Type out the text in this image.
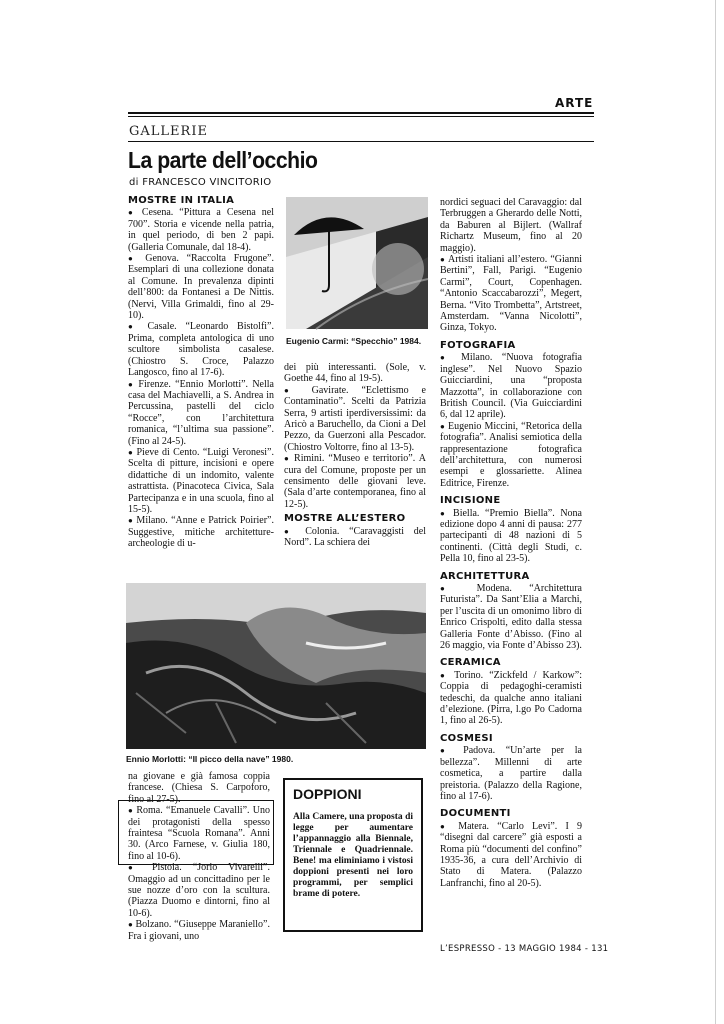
ARTE
GALLERIE
La parte dell’occhio
di FRANCESCO VINCITORIO
MOSTRE IN ITALIA

● Cesena. “Pittura a Cesena nel 700”. Storia e vicende nella patria, in quel periodo, di ben 2 papi. (Galleria Comunale, dal 18-4).

● Genova. “Raccolta Frugone”. Esemplari di una collezione donata al Comune. In prevalenza dipinti dell’800: da Fontanesi a De Nittis. (Nervi, Villa Grimaldi, fino al 29-10).

● Casale. “Leonardo Bistolfi”. Prima, completa antologica di uno scultore simbolista casalese. (Chiostro S. Croce, Palazzo Langosco, fino al 17-6).

● Firenze. “Ennio Morlotti”. Nella casa del Machiavelli, a S. Andrea in Percussina, pastelli del ciclo “Rocce”, con l’architettura romanica, “l’ultima sua passione”. (Fino al 24-5).

● Pieve di Cento. “Luigi Veronesi”. Scelta di pitture, incisioni e opere didattiche di un indomito, valente astrattista. (Pinacoteca Civica, Sala Partecipanza e in una scuola, fino al 15-5).

● Milano. “Anne e Patrick Poirier”. Suggestive, mitiche architetture-archeologie di u-

Eugenio Carmi: “Specchio” 1984.

dei più interessanti. (Sole, v. Goethe 44, fino al 19-5).

● Gavirate. “Eclettismo e Contaminatio”. Scelti da Patrizia Serra, 9 artisti iperdiversissimi: da Aricò a Baruchello, da Cioni a Del Pezzo, da Guerzoni alla Pescador. (Chiostro Voltorre, fino al 13-5).

● Rimini. “Museo e territorio”. A cura del Comune, proposte per un censimento delle giovani leve. (Sala d’arte contemporanea, fino al 12-5).

MOSTRE ALL’ESTERO

● Colonia. “Caravaggisti del Nord”. La schiera dei

Ennio Morlotti: “Il picco della nave” 1980.

na giovane e già famosa coppia francese. (Chiesa S. Carpoforo, fino al 27-5).

● Roma. “Emanuele Cavalli”. Uno dei protagonisti della spesso fraintesa “Scuola Romana”. Anni 30. (Arco Farnese, v. Giulia 180, fino al 10-6).

● Pistoia. “Jorio Vivarelli”. Omaggio ad un concittadino per le sue nozze d’oro con la scultura. (Piazza Duomo e dintorni, fino al 10-6).

● Bolzano. “Giuseppe Maraniello”. Fra i giovani, uno

DOPPIONI

Alla Camere, una proposta di legge per aumentare l’appannaggio alla Biennale, Triennale e Quadriennale. Bene! ma eliminiamo i vistosi doppioni presenti nei loro programmi, per semplici brame di potere.

nordici seguaci del Caravaggio: dal Terbruggen a Gherardo delle Notti, da Baburen al Bijlert. (Wallraf Richartz Museum, fino al 20 maggio).

● Artisti italiani all’estero. “Gianni Bertini”, Fall, Parigi. “Eugenio Carmi”, Court, Copenhagen. “Antonio Scaccabarozzi”, Megert, Berna. “Vito Trombetta”, Artstreet, Amsterdam. “Vanna Nicolotti”, Ginza, Tokyo.

FOTOGRAFIA

● Milano. “Nuova fotografia inglese”. Nel Nuovo Spazio Guicciardini, una “proposta Mazzotta”, in collaborazione con British Council. (Via Guicciardini 6, dal 12 aprile).

● Eugenio Miccini, “Retorica della fotografia”. Analisi semiotica della rappresentazione fotografica dell’architettura, con numerosi esempi e glossariette. Alinea Editrice, Firenze.

INCISIONE

● Biella. “Premio Biella”. Nona edizione dopo 4 anni di pausa: 277 partecipanti di 48 nazioni di 5 continenti. (Città degli Studi, c. Pella 10, fino al 23-5).

ARCHITETTURA

● Modena. “Architettura Futurista”. Da Sant’Elia a Marchi, per l’uscita di un omonimo libro di Enrico Crispolti, edito dalla stessa Galleria Fonte d’Abisso. (Fino al 26 maggio, via Fonte d’Abisso 23).

CERAMICA

● Torino. “Zickfeld / Karkow”: Coppia di pedagoghi-ceramisti tedeschi, da qualche anno italiani d’elezione. (Pirra, l.go Po Cadorna 1, fino al 26-5).

COSMESI

● Padova. “Un’arte per la bellezza”. Millenni di arte cosmetica, a partire dalla preistoria. (Palazzo della Ragione, fino al 17-6).

DOCUMENTI

● Matera. “Carlo Levi”. I 9 “disegni dal carcere” già esposti a Roma più “documenti del confino” 1935-36, a cura dell’Archivio di Stato di Matera. (Palazzo Lanfranchi, fino al 20-5).

L’ESPRESSO - 13 MAGGIO 1984 - 131
